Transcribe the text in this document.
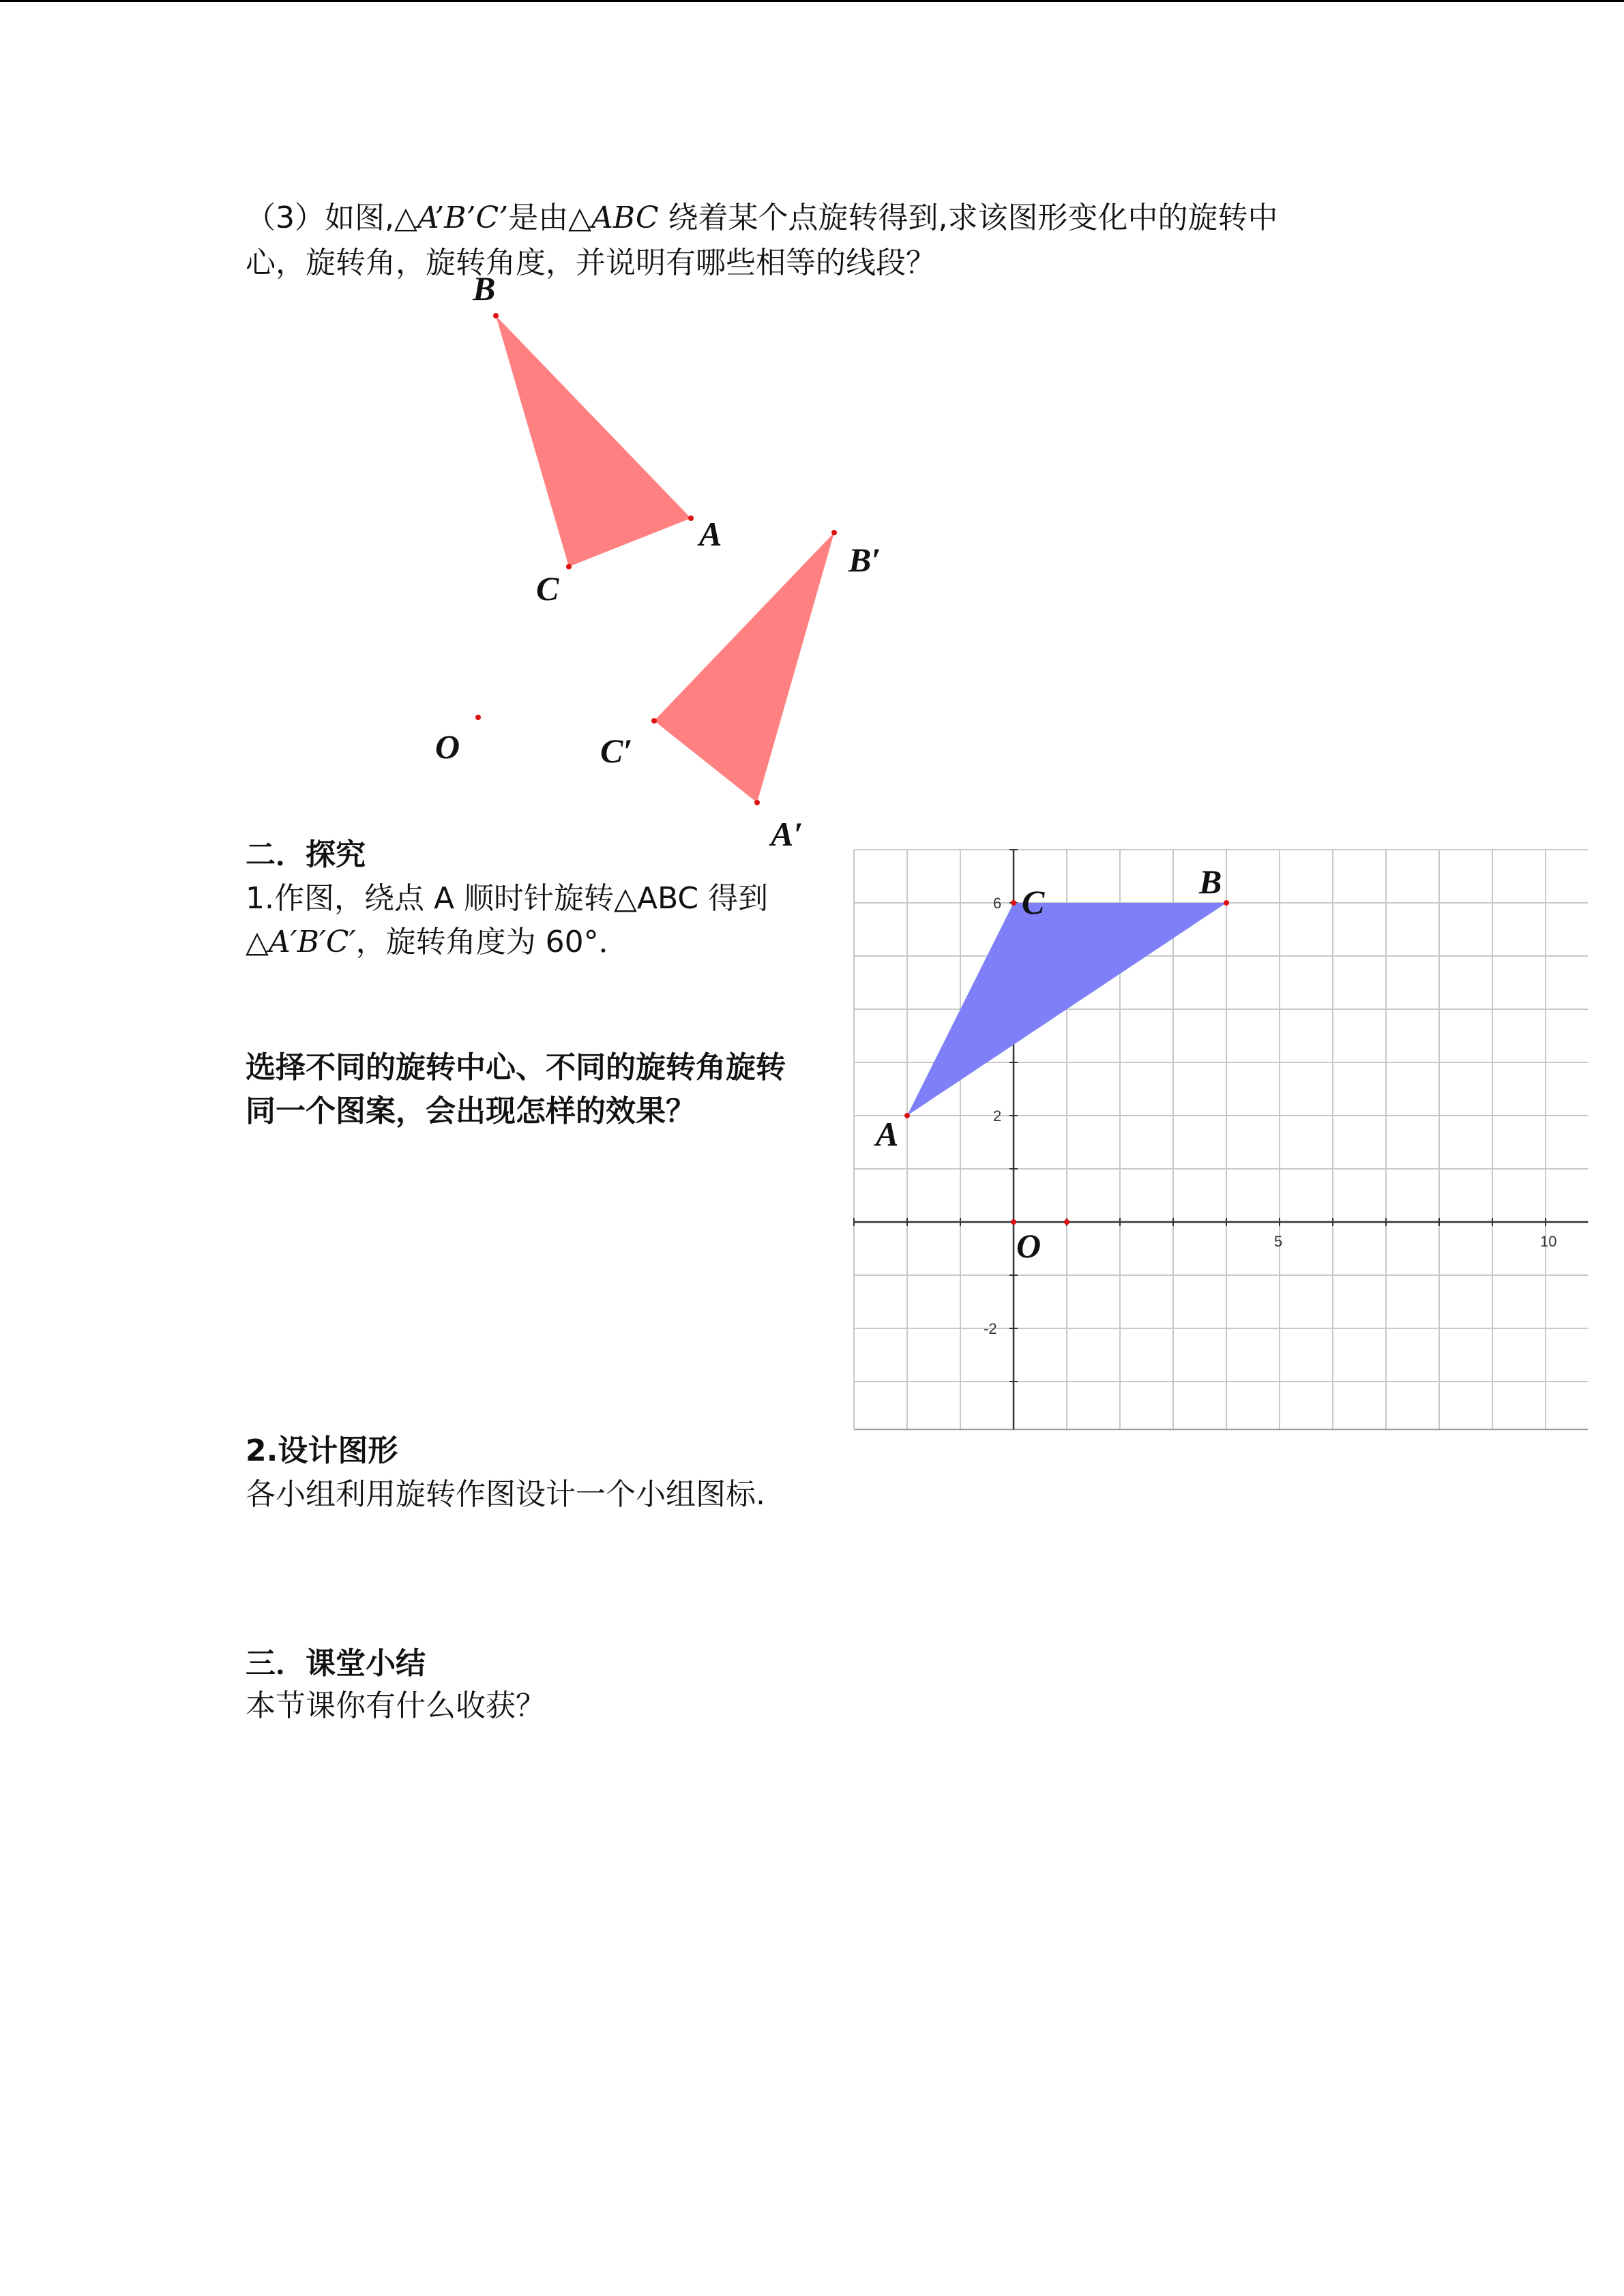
（3）如图,△A’B’C’是由△ABC 绕着某个点旋转得到,求该图形变化中的旋转中
心，旋转角，旋转角度，并说明有哪些相等的线段？
B
A
C
B′
C′
A′
O
二．探究
1.作图，绕点 A 顺时针旋转△ABC 得到
△A′B′C′，旋转角度为 60°．
选择不同的旋转中心、不同的旋转角旋转
同一个图案，会出现怎样的效果？
5	10
6
2
-2
A
B
C
O
2.设计图形
各小组利用旋转作图设计一个小组图标.
三．课堂小结
本节课你有什么收获？
